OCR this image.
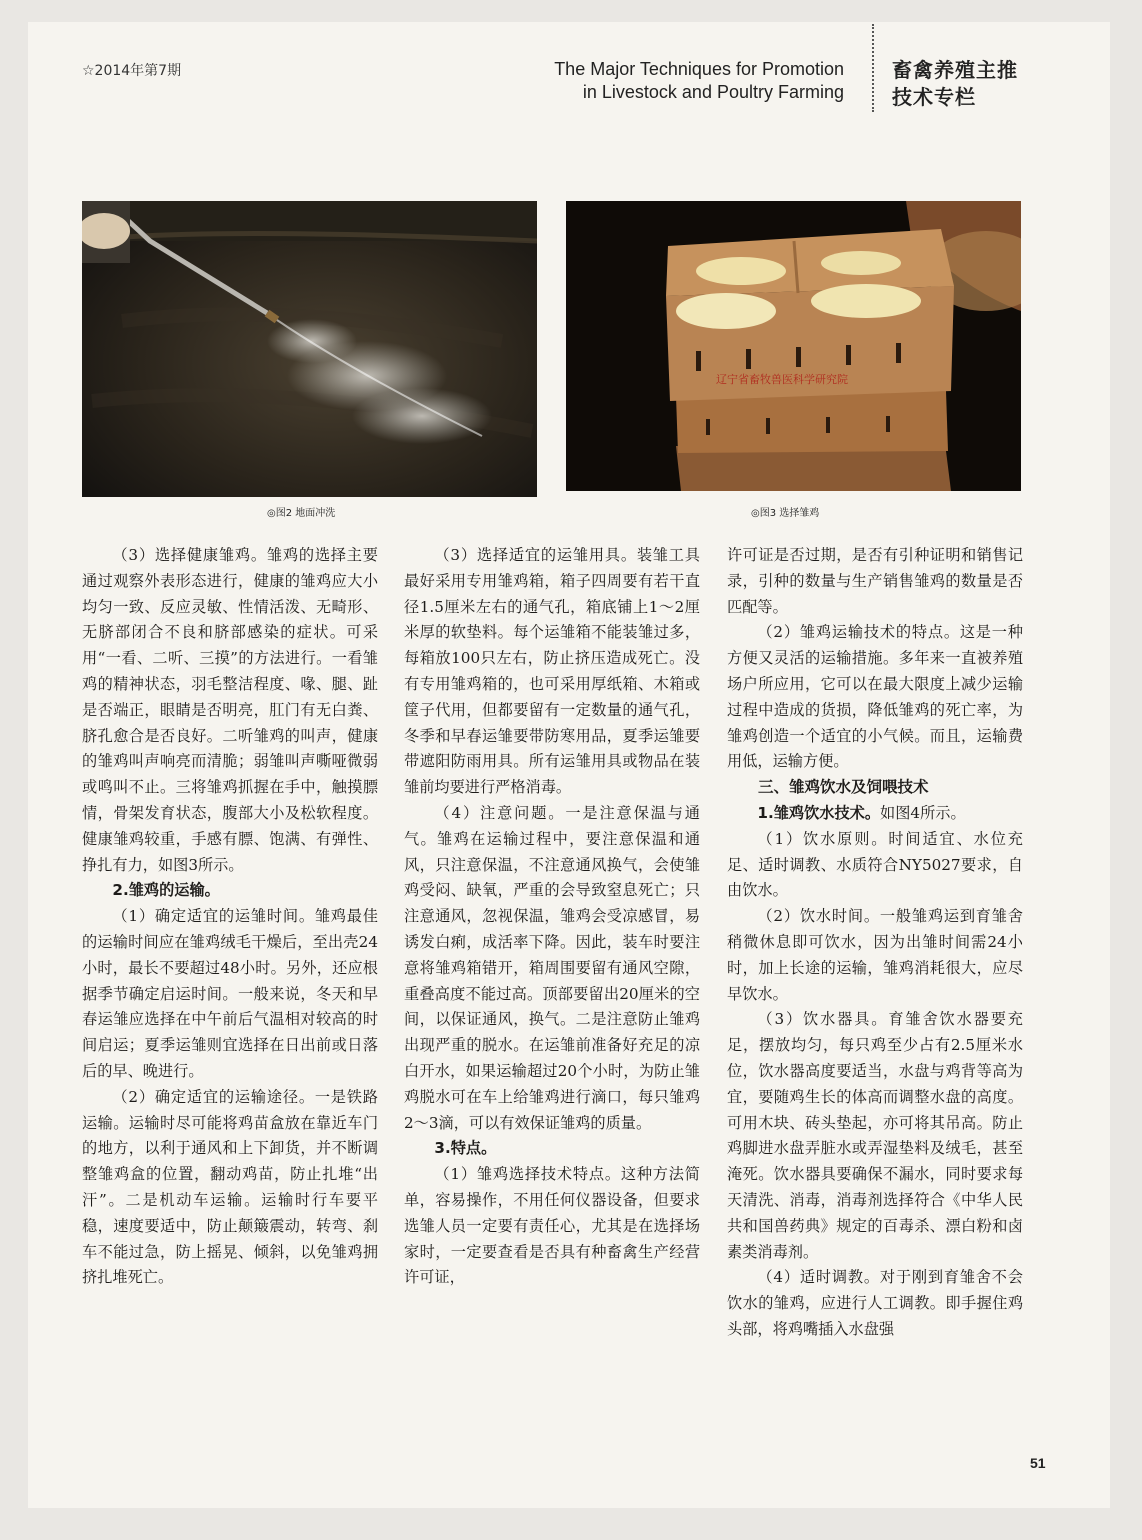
☆2014年第7期	The Major Techniques for Promotion
in Livestock and Poultry Farming
畜禽养殖主推
技术专栏
◎图2 地面冲洗
辽宁省畜牧兽医科学研究院
◎图3 选择雏鸡

（3）选择健康雏鸡。雏鸡的选择主要通过观察外表形态进行，健康的雏鸡应大小均匀一致、反应灵敏、性情活泼、无畸形、无脐部闭合不良和脐部感染的症状。可采用“一看、二听、三摸”的方法进行。一看雏鸡的精神状态，羽毛整洁程度、喙、腿、趾是否端正，眼睛是否明亮，肛门有无白粪、脐孔愈合是否良好。二听雏鸡的叫声，健康的雏鸡叫声响亮而清脆；弱雏叫声嘶哑微弱或鸣叫不止。三将雏鸡抓握在手中，触摸膘情，骨架发育状态，腹部大小及松软程度。健康雏鸡较重，手感有膘、饱满、有弹性、挣扎有力，如图3所示。

2.雏鸡的运输。

（1）确定适宜的运雏时间。雏鸡最佳的运输时间应在雏鸡绒毛干燥后，至出壳24小时，最长不要超过48小时。另外，还应根据季节确定启运时间。一般来说，冬天和早春运雏应选择在中午前后气温相对较高的时间启运；夏季运雏则宜选择在日出前或日落后的早、晚进行。

（2）确定适宜的运输途径。一是铁路运输。运输时尽可能将鸡苗盒放在靠近车门的地方，以利于通风和上下卸货，并不断调整雏鸡盒的位置，翻动鸡苗，防止扎堆“出汗”。二是机动车运输。运输时行车要平稳，速度要适中，防止颠簸震动，转弯、刹车不能过急，防上摇晃、倾斜，以免雏鸡拥挤扎堆死亡。

（3）选择适宜的运雏用具。装雏工具最好采用专用雏鸡箱，箱子四周要有若干直径1.5厘米左右的通气孔，箱底铺上1～2厘米厚的软垫料。每个运雏箱不能装雏过多，每箱放100只左右，防止挤压造成死亡。没有专用雏鸡箱的，也可采用厚纸箱、木箱或筐子代用，但都要留有一定数量的通气孔，冬季和早春运雏要带防寒用品，夏季运雏要带遮阳防雨用具。所有运雏用具或物品在装雏前均要进行严格消毒。

（4）注意问题。一是注意保温与通气。雏鸡在运输过程中，要注意保温和通风，只注意保温，不注意通风换气，会使雏鸡受闷、缺氧，严重的会导致窒息死亡；只注意通风，忽视保温，雏鸡会受凉感冒，易诱发白痢，成活率下降。因此，装车时要注意将雏鸡箱错开，箱周围要留有通风空隙，重叠高度不能过高。顶部要留出20厘米的空间，以保证通风，换气。二是注意防止雏鸡出现严重的脱水。在运雏前准备好充足的凉白开水，如果运输超过20个小时，为防止雏鸡脱水可在车上给雏鸡进行滴口，每只雏鸡2～3滴，可以有效保证雏鸡的质量。

3.特点。

（1）雏鸡选择技术特点。这种方法简单，容易操作，不用任何仪器设备，但要求选雏人员一定要有责任心，尤其是在选择场家时，一定要查看是否具有种畜禽生产经营许可证，

许可证是否过期，是否有引种证明和销售记录，引种的数量与生产销售雏鸡的数量是否匹配等。

（2）雏鸡运输技术的特点。这是一种方便又灵活的运输措施。多年来一直被养殖场户所应用，它可以在最大限度上减少运输过程中造成的货损，降低雏鸡的死亡率，为雏鸡创造一个适宜的小气候。而且，运输费用低，运输方便。

三、雏鸡饮水及饲喂技术

1.雏鸡饮水技术。如图4所示。

（1）饮水原则。时间适宜、水位充足、适时调教、水质符合NY5027要求，自由饮水。

（2）饮水时间。一般雏鸡运到育雏舍稍微休息即可饮水，因为出雏时间需24小时，加上长途的运输，雏鸡消耗很大，应尽早饮水。

（3）饮水器具。育雏舍饮水器要充足，摆放均匀，每只鸡至少占有2.5厘米水位，饮水器高度要适当，水盘与鸡背等高为宜，要随鸡生长的体高而调整水盘的高度。可用木块、砖头垫起，亦可将其吊高。防止鸡脚进水盘弄脏水或弄湿垫料及绒毛，甚至淹死。饮水器具要确保不漏水，同时要求每天清洗、消毒，消毒剂选择符合《中华人民共和国兽药典》规定的百毒杀、漂白粉和卤素类消毒剂。

（4）适时调教。对于刚到育雏舍不会饮水的雏鸡，应进行人工调教。即手握住鸡头部，将鸡嘴插入水盘强

51
